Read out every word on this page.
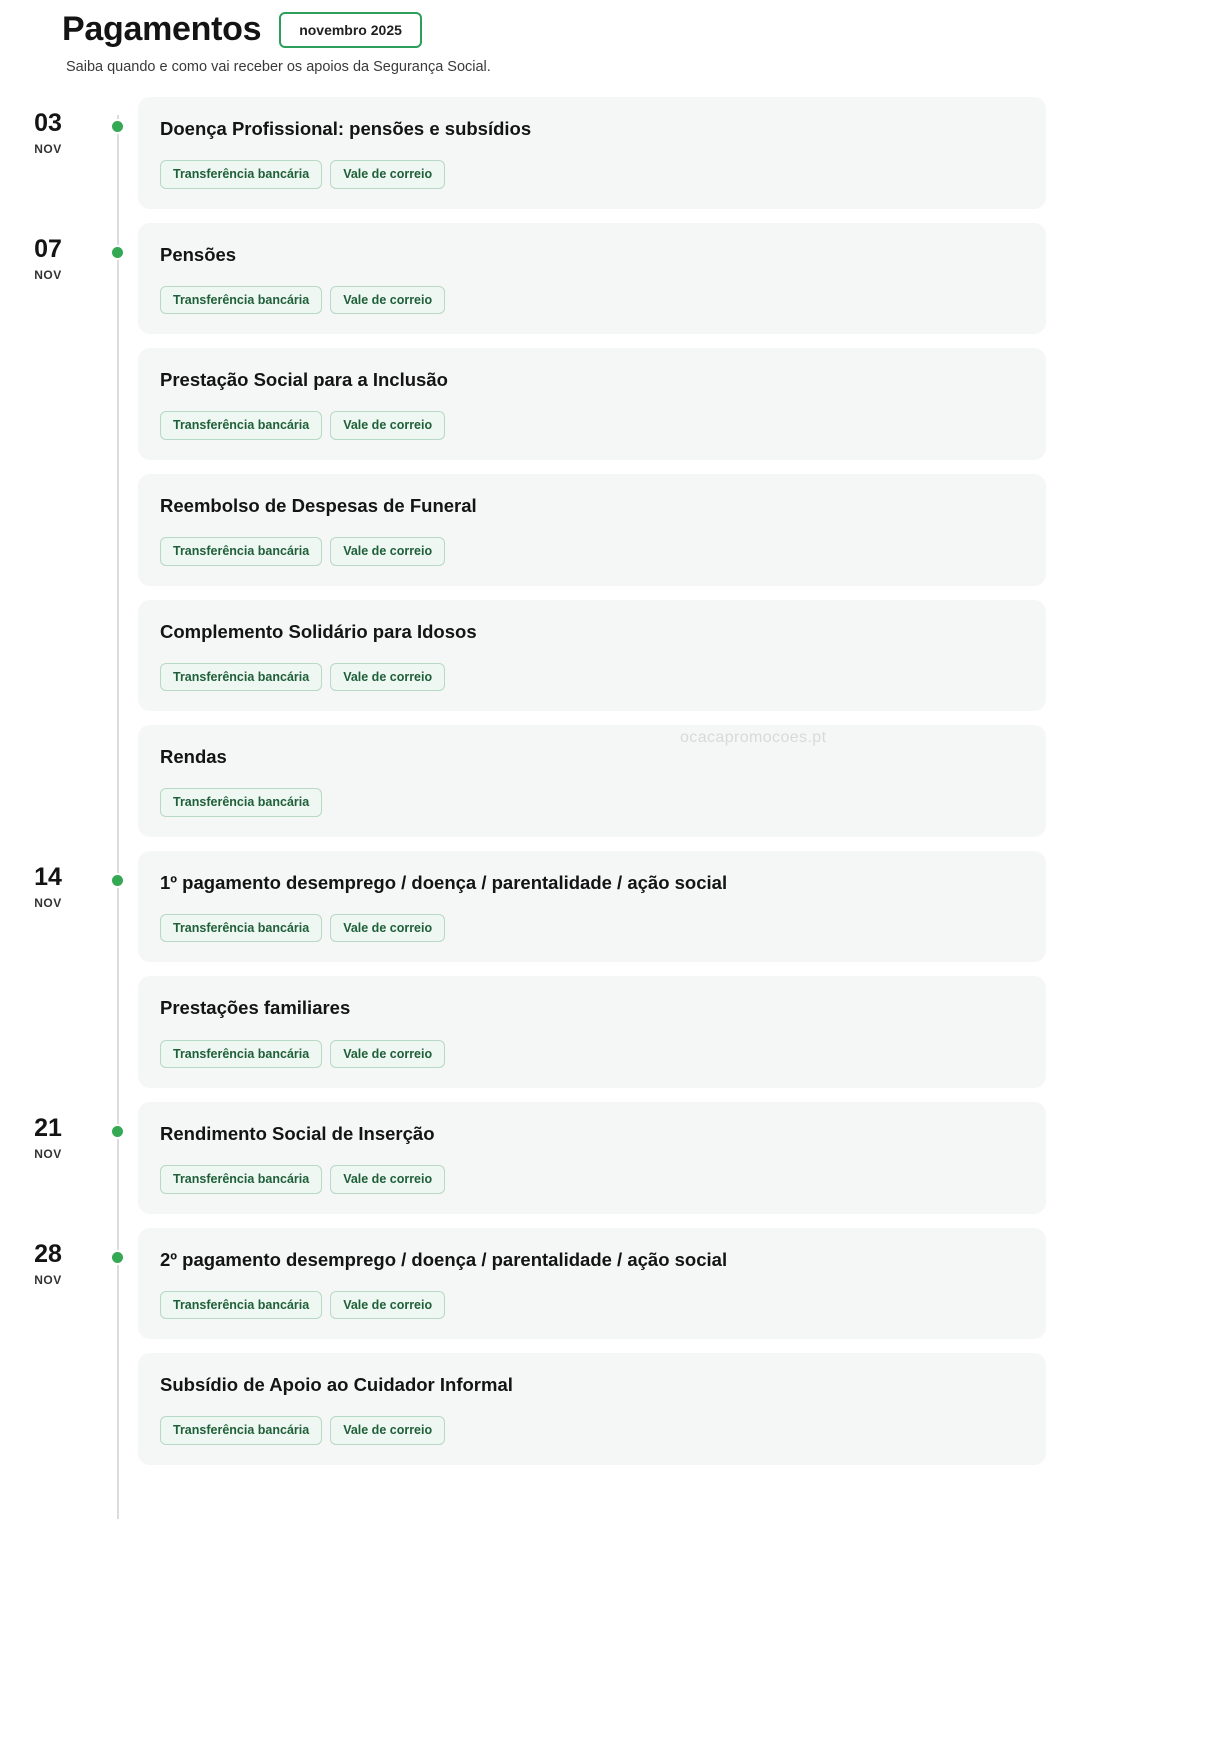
Pagamentos	novembro 2025
Saiba quando e como vai receber os apoios da Segurança Social.
03
NOV
Doença Profissional: pensões e subsídios
Transferência bancária	Vale de correio
07
NOV
Pensões
Transferência bancária	Vale de correio
Prestação Social para a Inclusão
Transferência bancária	Vale de correio
Reembolso de Despesas de Funeral
Transferência bancária	Vale de correio
Complemento Solidário para Idosos
Transferência bancária	Vale de correio
Rendas
Transferência bancária
14
NOV
1º pagamento desemprego / doença / parentalidade / ação social
Transferência bancária	Vale de correio
Prestações familiares
Transferência bancária	Vale de correio
21
NOV
Rendimento Social de Inserção
Transferência bancária	Vale de correio
28
NOV
2º pagamento desemprego / doença / parentalidade / ação social
Transferência bancária	Vale de correio
Subsídio de Apoio ao Cuidador Informal
Transferência bancária	Vale de correio
ocacapromocoes.pt
